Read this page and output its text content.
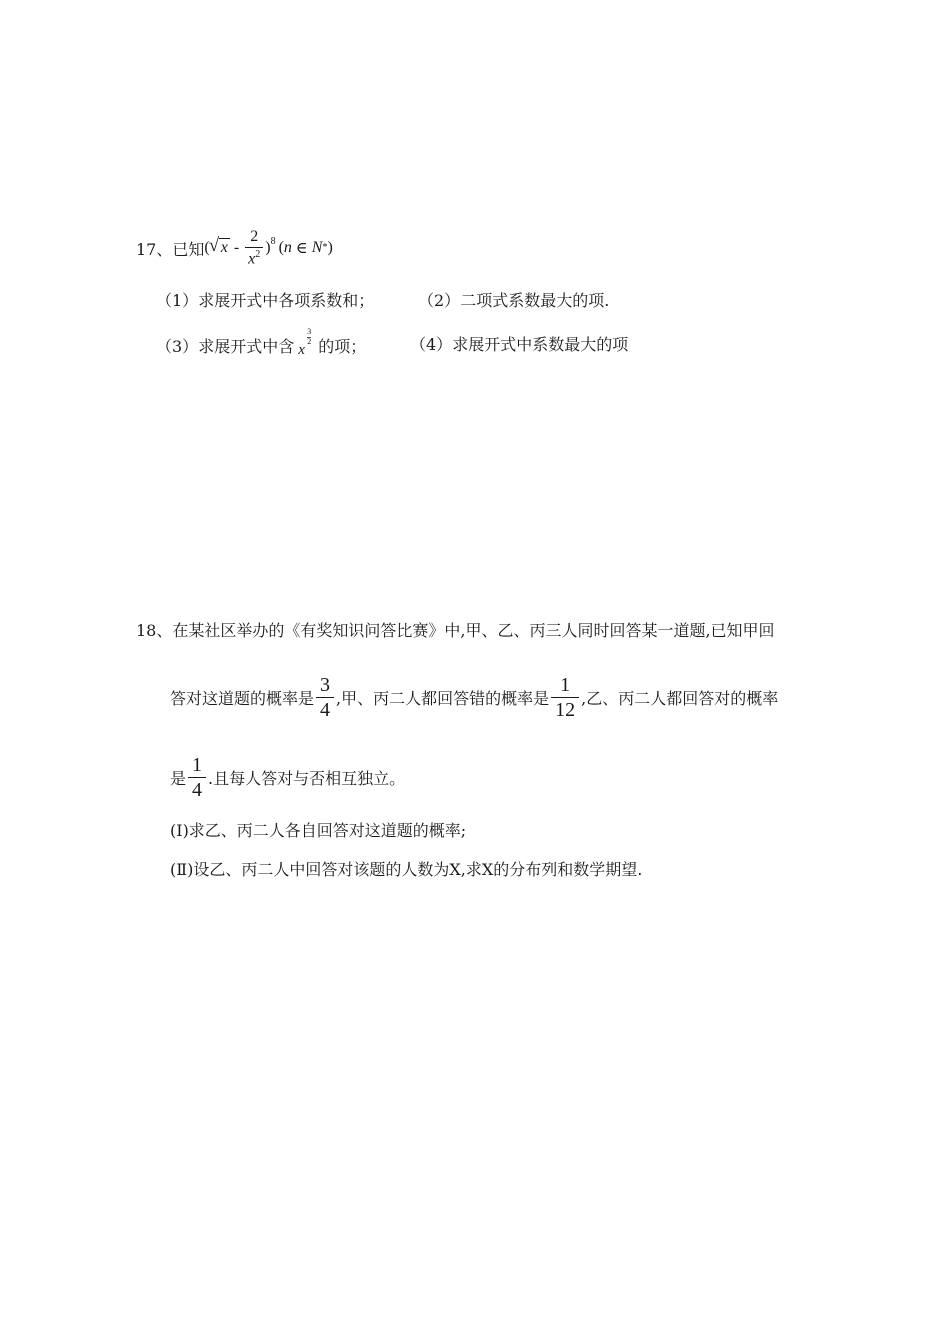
17、 已知 ( √ x - $\frac{2}{x^2} )^8$ ( n ∈ N * )
（1）求展开式中各项系数和；	（2）二项式系数最大的项.
（3） 求展开式中含 x
3
2 的项；	（4）求展开式中系数最大的项
18、在某社区举办的《有奖知识问答比赛》中,甲、乙、丙三人同时回答某一道题,已知甲回
答对这道题的概率是 $\frac{3}{4}$ ,甲、丙二人都回答错的概率是 $\frac{1}{12}$ ,乙、丙二人都回答对的概率
是 $\frac{1}{4}$ .且每人答对与否相互独立。
(Ⅰ)求乙、丙二人各自回答对这道题的概率;
(Ⅱ)设乙、丙二人中回答对该题的人数为X,求X的分布列和数学期望.
